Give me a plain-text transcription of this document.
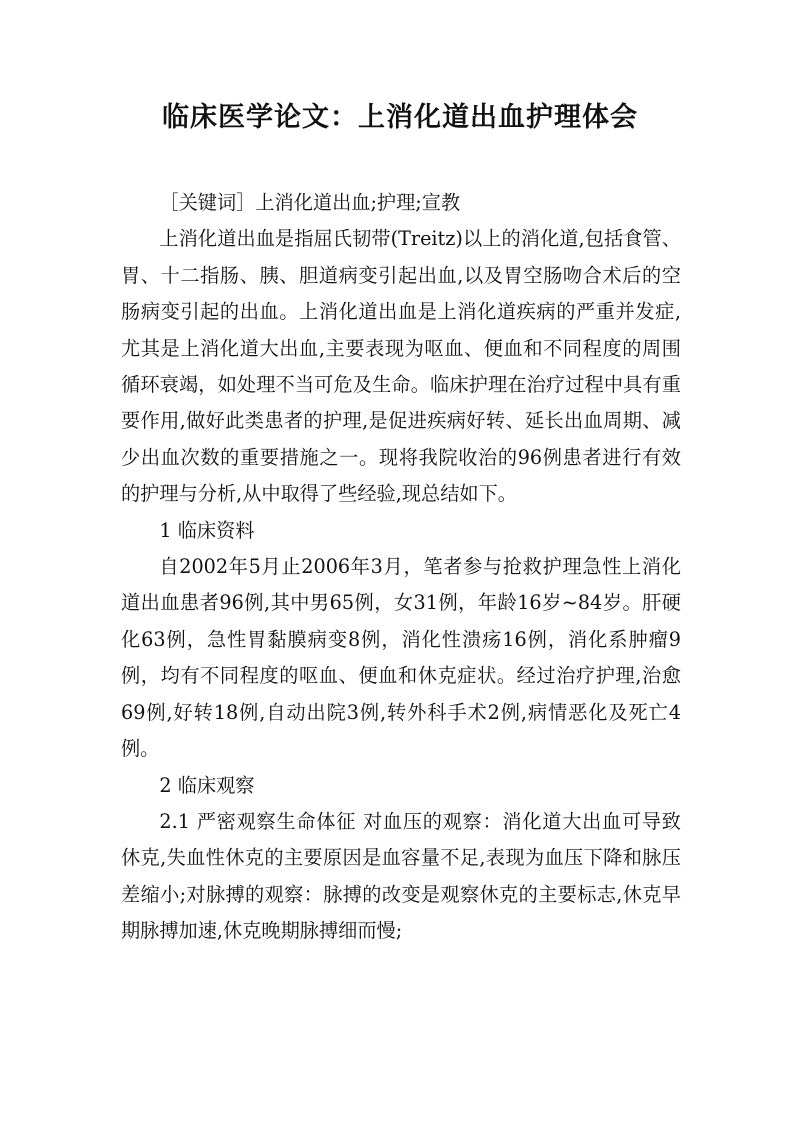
临床医学论文：上消化道出血护理体会

［关键词］上消化道出血;护理;宣教

上消化道出血是指屈氏韧带(Treitz)以上的消化道,包括食管、胃、十二指肠、胰、胆道病变引起出血,以及胃空肠吻合术后的空肠病变引起的出血。上消化道出血是上消化道疾病的严重并发症,尤其是上消化道大出血,主要表现为呕血、便血和不同程度的周围循环衰竭，如处理不当可危及生命。临床护理在治疗过程中具有重要作用,做好此类患者的护理,是促进疾病好转、延长出血周期、减少出血次数的重要措施之一。现将我院收治的96例患者进行有效的护理与分析,从中取得了些经验,现总结如下。

1 临床资料

自2002年5月止2006年3月，笔者参与抢救护理急性上消化道出血患者96例,其中男65例，女31例，年龄16岁~84岁。肝硬化63例，急性胃黏膜病变8例，消化性溃疡16例，消化系肿瘤9例，均有不同程度的呕血、便血和休克症状。经过治疗护理,治愈69例,好转18例,自动出院3例,转外科手术2例,病情恶化及死亡4例。

2 临床观察

2.1 严密观察生命体征 对血压的观察：消化道大出血可导致休克,失血性休克的主要原因是血容量不足,表现为血压下降和脉压差缩小;对脉搏的观察：脉搏的改变是观察休克的主要标志,休克早期脉搏加速,休克晚期脉搏细而慢;
